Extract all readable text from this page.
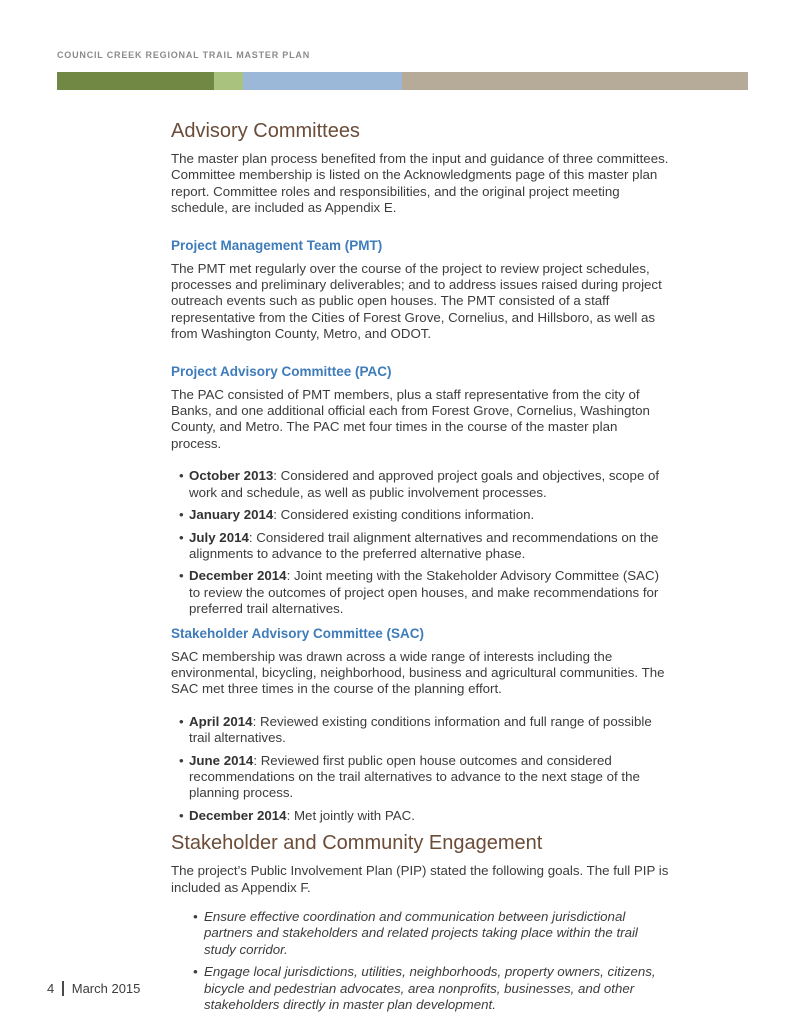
COUNCIL CREEK REGIONAL TRAIL MASTER PLAN
Advisory Committees

The master plan process benefited from the input and guidance of three committees. Committee membership is listed on the Acknowledgments page of this master plan report. Committee roles and responsibilities, and the original project meeting schedule, are included as Appendix E.

Project Management Team (PMT)

The PMT met regularly over the course of the project to review project schedules, processes and preliminary deliverables; and to address issues raised during project outreach events such as public open houses. The PMT consisted of a staff representative from the Cities of Forest Grove, Cornelius, and Hillsboro, as well as from Washington County, Metro, and ODOT.

Project Advisory Committee (PAC)

The PAC consisted of PMT members, plus a staff representative from the city of Banks, and one additional official each from Forest Grove, Cornelius, Washington County, and Metro. The PAC met four times in the course of the master plan process.

• October 2013: Considered and approved project goals and objectives, scope of work and schedule, as well as public involvement processes.
• January 2014: Considered existing conditions information.
• July 2014: Considered trail alignment alternatives and recommendations on the alignments to advance to the preferred alternative phase.
• December 2014: Joint meeting with the Stakeholder Advisory Committee (SAC) to review the outcomes of project open houses, and make recommendations for preferred trail alternatives.
Stakeholder Advisory Committee (SAC)

SAC membership was drawn across a wide range of interests including the environmental, bicycling, neighborhood, business and agricultural communities. The SAC met three times in the course of the planning effort.

• April 2014: Reviewed existing conditions information and full range of possible trail alternatives.
• June 2014: Reviewed first public open house outcomes and considered recommendations on the trail alternatives to advance to the next stage of the planning process.
• December 2014: Met jointly with PAC.
Stakeholder and Community Engagement

The project’s Public Involvement Plan (PIP) stated the following goals. The full PIP is included as Appendix F.

• Ensure effective coordination and communication between jurisdictional partners and stakeholders and related projects taking place within the trail study corridor.
• Engage local jurisdictions, utilities, neighborhoods, property owners, citizens, bicycle and pedestrian advocates, area nonprofits, businesses, and other stakeholders directly in master plan development.
4 March 2015
